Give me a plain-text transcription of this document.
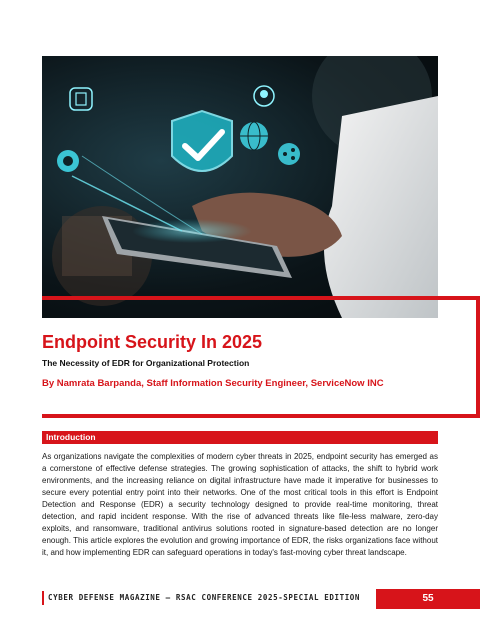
Endpoint Security In 2025
The Necessity of EDR for Organizational Protection
By Namrata Barpanda, Staff Information Security Engineer, ServiceNow INC
Introduction

As organizations navigate the complexities of modern cyber threats in 2025, endpoint security has emerged as a cornerstone of effective defense strategies. The growing sophistication of attacks, the shift to hybrid work environments, and the increasing reliance on digital infrastructure have made it imperative for businesses to secure every potential entry point into their networks. One of the most critical tools in this effort is Endpoint Detection and Response (EDR) a security technology designed to provide real-time monitoring, threat detection, and rapid incident response. With the rise of advanced threats like file-less malware, zero-day exploits, and ransomware, traditional antivirus solutions rooted in signature-based detection are no longer enough. This article explores the evolution and growing importance of EDR, the risks organizations face without it, and how implementing EDR can safeguard operations in today's fast-moving cyber threat landscape.

CYBER DEFENSE MAGAZINE – RSAC CONFERENCE 2025-SPECIAL EDITION	55
